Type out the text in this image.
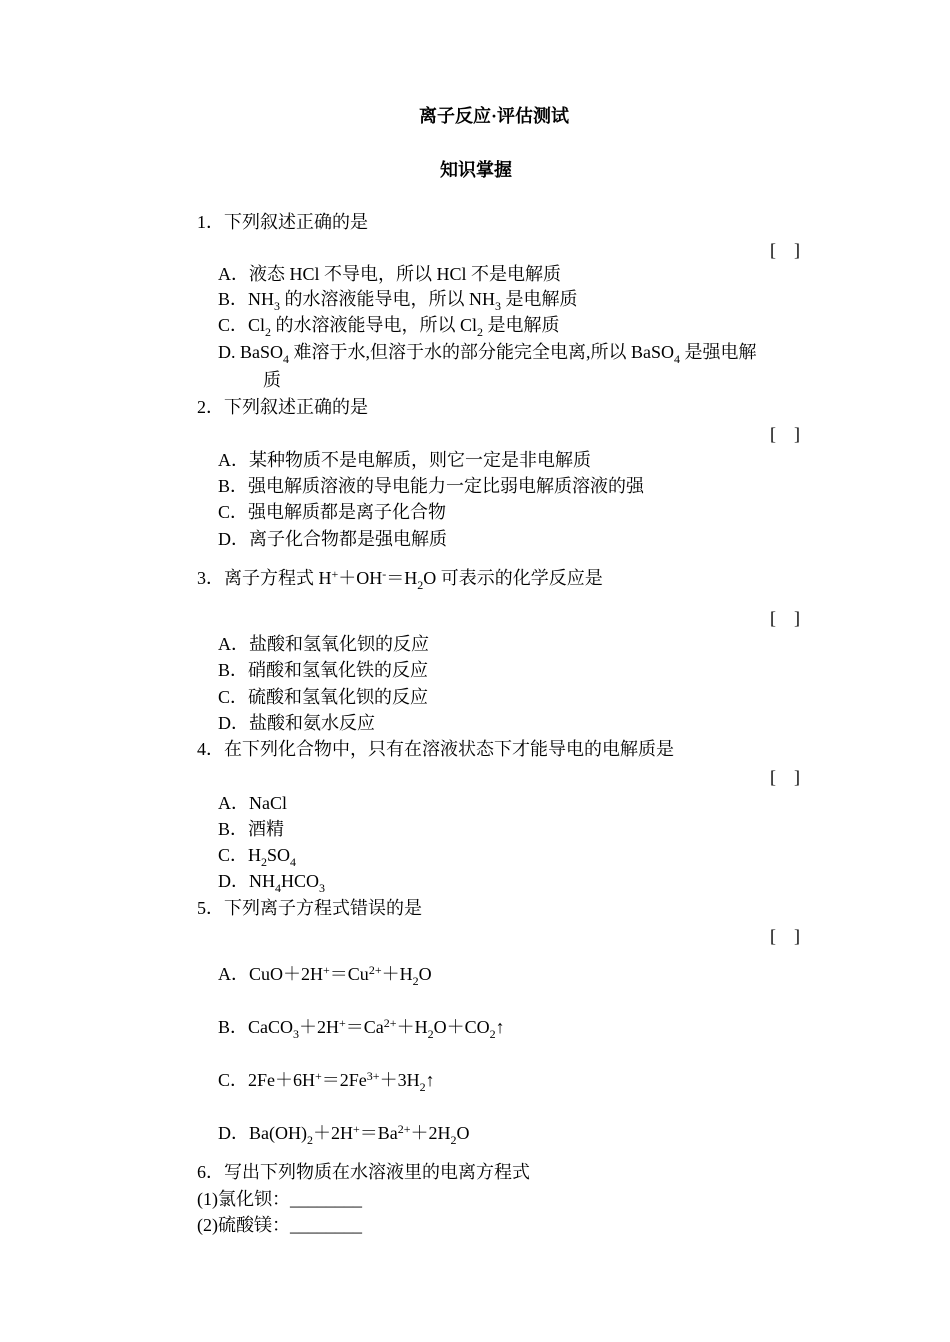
离子反应·评估测试
知识掌握
1．下列叙述正确的是
[　]
A．液态 HCl 不导电，所以 HCl 不是电解质
B．$NH_3$ 的水溶液能导电，所以 $NH_3$ 是电解质
C．$Cl_2$ 的水溶液能导电，所以 $Cl_2$ 是电解质
D. BaSO$_4$ 难溶于水,但溶于水的部分能完全电离,所以 BaSO$_4$ 是强电解
质
2．下列叙述正确的是
[　]
A．某种物质不是电解质，则它一定是非电解质
B．强电解质溶液的导电能力一定比弱电解质溶液的强
C．强电解质都是离子化合物
D．离子化合物都是强电解质
3．离子方程式 $H^++OH^-=H_2O$ 可表示的化学反应是
[　]
A．盐酸和氢氧化钡的反应
B．硝酸和氢氧化铁的反应
C．硫酸和氢氧化钡的反应
D．盐酸和氨水反应
4．在下列化合物中，只有在溶液状态下才能导电的电解质是
[　]
A．NaCl
B．酒精
C．$H_2SO_4$
D．$NH_4HCO_3$
5．下列离子方程式错误的是
[　]
A．$CuO+2H^+=Cu^{2+}+H_2O$
B．$CaCO_3+2H^+=Ca^{2+}+H_2O+CO_2↑$
C．$2Fe+6H^+=2Fe^{3+}+3H_2↑$
D．$Ba(OH)_2+2H^+=Ba^{2+}+2H_2O$
6．写出下列物质在水溶液里的电离方程式
(1)氯化钡：________
(2)硫酸镁：________
